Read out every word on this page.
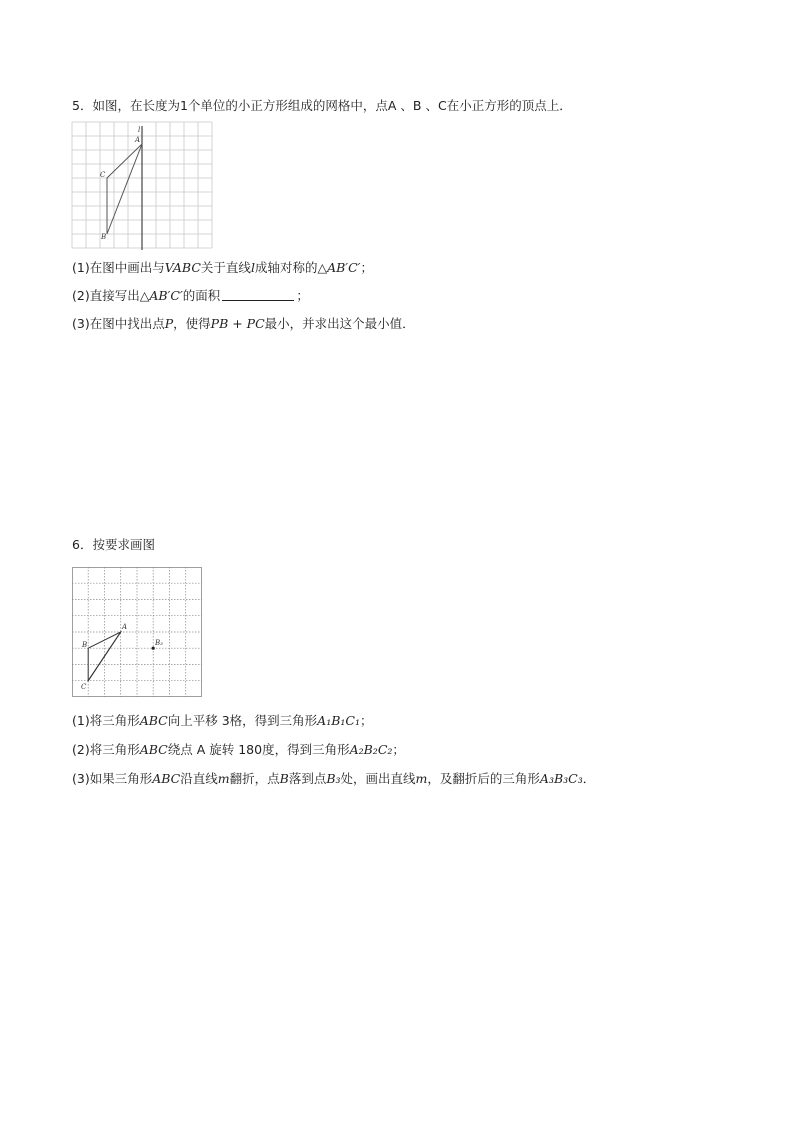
5．如图，在长度为1个单位的小正方形组成的网格中，点A 、B 、C在小正方形的顶点上．
l
A
C
B
(1)在图中画出与VABC关于直线l成轴对称的△AB′C′；
(2)直接写出△AB′C′的面积	；
(3)在图中找出点P，使得PB + PC最小，并求出这个最小值．
6．按要求画图
A
B
C
B₃
(1)将三角形ABC向上平移 3格，得到三角形A₁B₁C₁；
(2)将三角形ABC绕点 A 旋转 180度，得到三角形A₂B₂C₂；
(3)如果三角形ABC沿直线m翻折，点B落到点B₃处，画出直线m，及翻折后的三角形A₃B₃C₃．
